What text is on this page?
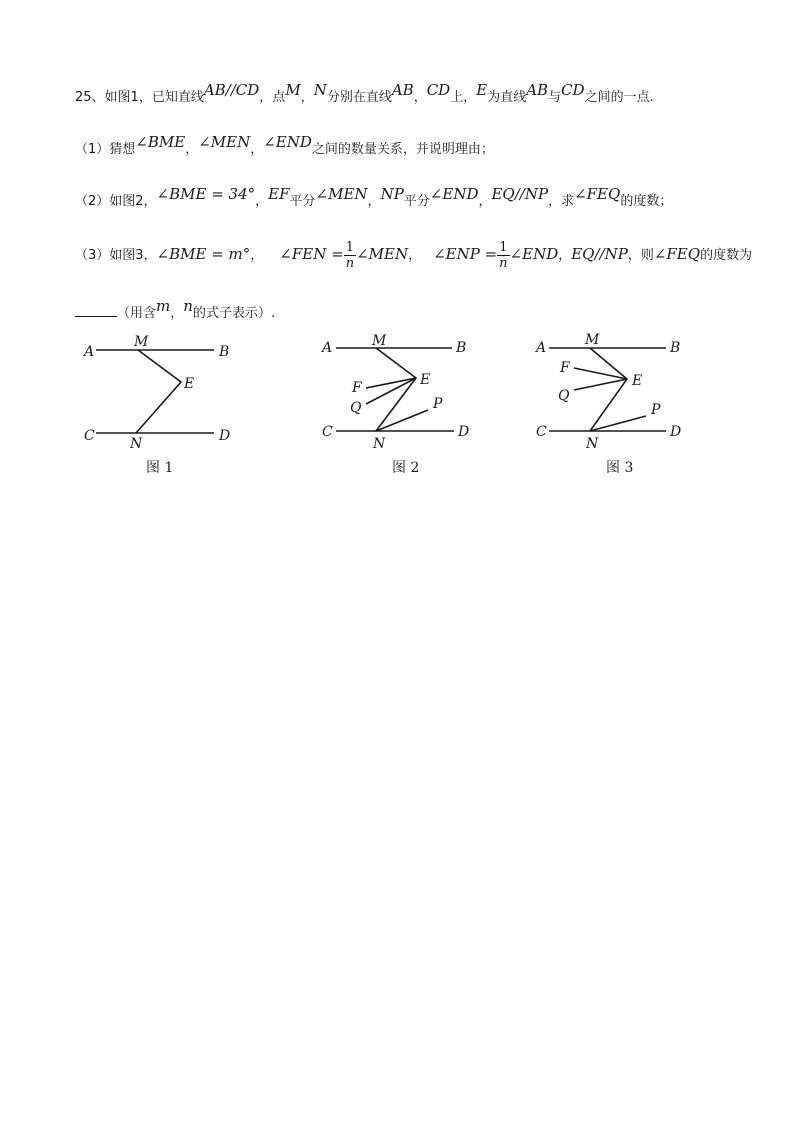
25、如图1，已知直线AB//CD，点M，N分别在直线AB，CD上，E为直线AB与CD之间的一点.
（1）猜想∠BME，∠MEN，∠END之间的数量关系，并说明理由；
（2）如图2，∠BME = 34°，EF平分∠MEN，NP平分∠END，EQ//NP，求∠FEQ的度数；
（3）如图3，∠BME = m°， ∠FEN = $\frac{1}{n}$ ∠MEN， ∠ENP = $\frac{1}{n}$ ∠END，EQ//NP，则∠FEQ的度数为
（用含m，n的式子表示）.
A
M
B
E
C	N	D
图 1
A	M	B
E
F
Q	P
C
N
D
图 2
A	M	B
E
F
Q
P
C
N
D
图 3
